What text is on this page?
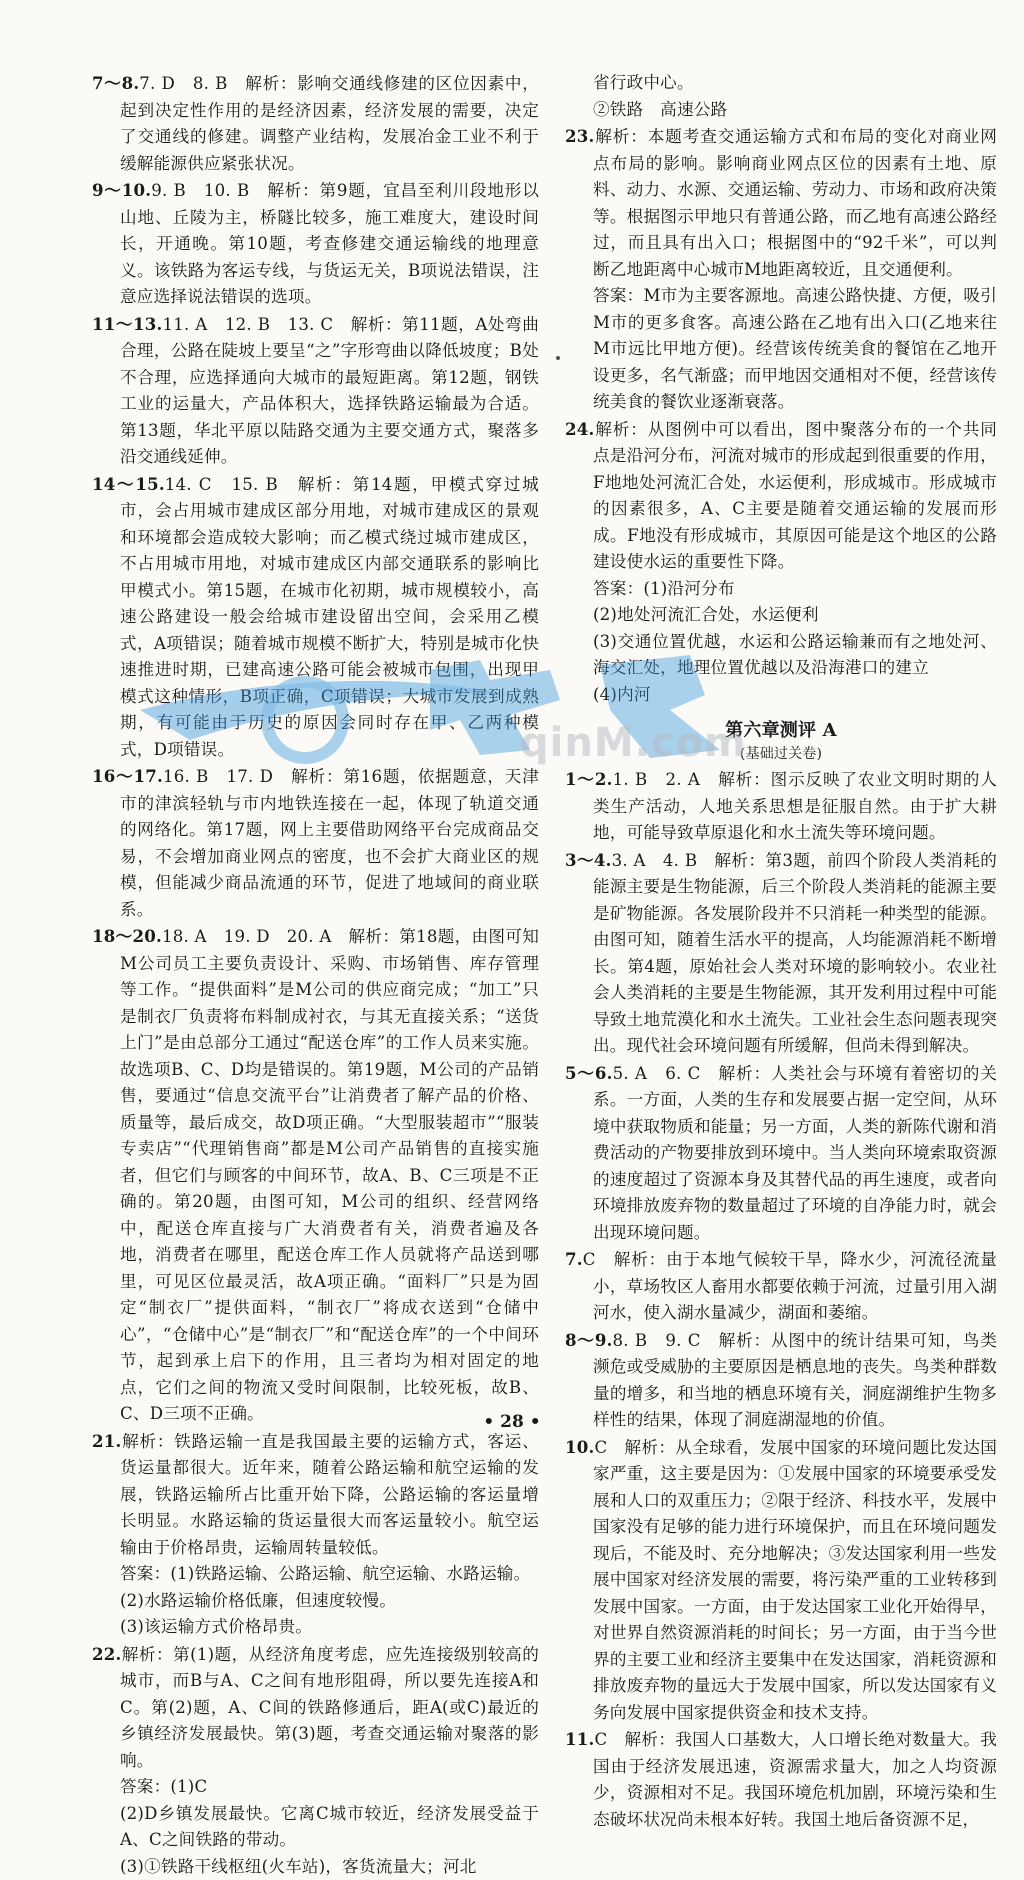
7～8.7. D　8. B　解析：影响交通线修建的区位因素中，起到决定性作用的是经济因素，经济发展的需要，决定了交通线的修建。调整产业结构，发展冶金工业不利于缓解能源供应紧张状况。

9～10.9. B　10. B　解析：第9题，宜昌至利川段地形以山地、丘陵为主，桥隧比较多，施工难度大，建设时间长，开通晚。第10题，考查修建交通运输线的地理意义。该铁路为客运专线，与货运无关，B项说法错误，注意应选择说法错误的选项。

11～13.11. A　12. B　13. C　解析：第11题，A处弯曲合理，公路在陡坡上要呈“之”字形弯曲以降低坡度；B处不合理，应选择通向大城市的最短距离。第12题，钢铁工业的运量大，产品体积大，选择铁路运输最为合适。第13题，华北平原以陆路交通为主要交通方式，聚落多沿交通线延伸。

14～15.14. C　15. B　解析：第14题，甲模式穿过城市，会占用城市建成区部分用地，对城市建成区的景观和环境都会造成较大影响；而乙模式绕过城市建成区，不占用城市用地，对城市建成区内部交通联系的影响比甲模式小。第15题，在城市化初期，城市规模较小，高速公路建设一般会给城市建设留出空间，会采用乙模式，A项错误；随着城市规模不断扩大，特别是城市化快速推进时期，已建高速公路可能会被城市包围，出现甲模式这种情形，B项正确，C项错误；大城市发展到成熟期，有可能由于历史的原因会同时存在甲、乙两种模式，D项错误。

16～17.16. B　17. D　解析：第16题，依据题意，天津市的津滨轻轨与市内地铁连接在一起，体现了轨道交通的网络化。第17题，网上主要借助网络平台完成商品交易，不会增加商业网点的密度，也不会扩大商业区的规模，但能减少商品流通的环节，促进了地域间的商业联系。

18～20.18. A　19. D　20. A　解析：第18题，由图可知M公司员工主要负责设计、采购、市场销售、库存管理等工作。“提供面料”是M公司的供应商完成；“加工”只是制衣厂负责将布料制成衬衣，与其无直接关系；“送货上门”是由总部分工通过“配送仓库”的工作人员来实施。故选项B、C、D均是错误的。第19题，M公司的产品销售，要通过“信息交流平台”让消费者了解产品的价格、质量等，最后成交，故D项正确。“大型服装超市”“服装专卖店”“代理销售商”都是M公司产品销售的直接实施者，但它们与顾客的中间环节，故A、B、C三项是不正确的。第20题，由图可知，M公司的组织、经营网络中，配送仓库直接与广大消费者有关，消费者遍及各地，消费者在哪里，配送仓库工作人员就将产品送到哪里，可见区位最灵活，故A项正确。“面料厂”只是为固定“制衣厂”提供面料，“制衣厂”将成衣送到“仓储中心”，“仓储中心”是“制衣厂”和“配送仓库”的一个中间环节，起到承上启下的作用，且三者均为相对固定的地点，它们之间的物流又受时间限制，比较死板，故B、C、D三项不正确。

21.解析：铁路运输一直是我国最主要的运输方式，客运、货运量都很大。近年来，随着公路运输和航空运输的发展，铁路运输所占比重开始下降，公路运输的客运量增长明显。水路运输的货运量很大而客运量较小。航空运输由于价格昂贵，运输周转量较低。

答案：(1)铁路运输、公路运输、航空运输、水路运输。

(2)水路运输价格低廉，但速度较慢。

(3)该运输方式价格昂贵。

22.解析：第(1)题，从经济角度考虑，应先连接级别较高的城市，而B与A、C之间有地形阻碍，所以要先连接A和C。第(2)题，A、C间的铁路修通后，距A(或C)最近的乡镇经济发展最快。第(3)题，考查交通运输对聚落的影响。

答案：(1)C

(2)D乡镇发展最快。它离C城市较近，经济发展受益于A、C之间铁路的带动。

(3)①铁路干线枢纽(火车站)，客货流量大；河北

省行政中心。

②铁路　高速公路

23.解析：本题考查交通运输方式和布局的变化对商业网点布局的影响。影响商业网点区位的因素有土地、原料、动力、水源、交通运输、劳动力、市场和政府决策等。根据图示甲地只有普通公路，而乙地有高速公路经过，而且具有出入口；根据图中的“92千米”，可以判断乙地距离中心城市M地距离较近，且交通便利。

答案：M市为主要客源地。高速公路快捷、方便，吸引M市的更多食客。高速公路在乙地有出入口(乙地来往M市远比甲地方便)。经营该传统美食的餐馆在乙地开设更多，名气渐盛；而甲地因交通相对不便，经营该传统美食的餐饮业逐渐衰落。

24.解析：从图例中可以看出，图中聚落分布的一个共同点是沿河分布，河流对城市的形成起到很重要的作用，F地地处河流汇合处，水运便利，形成城市。形成城市的因素很多，A、C主要是随着交通运输的发展而形成。F地没有形成城市，其原因可能是这个地区的公路建设使水运的重要性下降。

答案：(1)沿河分布

(2)地处河流汇合处，水运便利

(3)交通位置优越，水运和公路运输兼而有之地处河、海交汇处，地理位置优越以及沿海港口的建立

(4)内河

第六章测评 A
(基础过关卷)

1～2.1. B　2. A　解析：图示反映了农业文明时期的人类生产活动，人地关系思想是征服自然。由于扩大耕地，可能导致草原退化和水土流失等环境问题。

3～4.3. A　4. B　解析：第3题，前四个阶段人类消耗的能源主要是生物能源，后三个阶段人类消耗的能源主要是矿物能源。各发展阶段并不只消耗一种类型的能源。由图可知，随着生活水平的提高，人均能源消耗不断增长。第4题，原始社会人类对环境的影响较小。农业社会人类消耗的主要是生物能源，其开发利用过程中可能导致土地荒漠化和水土流失。工业社会生态问题表现突出。现代社会环境问题有所缓解，但尚未得到解决。

5～6.5. A　6. C　解析：人类社会与环境有着密切的关系。一方面，人类的生存和发展要占据一定空间，从环境中获取物质和能量；另一方面，人类的新陈代谢和消费活动的产物要排放到环境中。当人类向环境索取资源的速度超过了资源本身及其替代品的再生速度，或者向环境排放废弃物的数量超过了环境的自净能力时，就会出现环境问题。

7.C　解析：由于本地气候较干旱，降水少，河流径流量小，草场牧区人畜用水都要依赖于河流，过量引用入湖河水，使入湖水量减少，湖面和萎缩。

8～9.8. B　9. C　解析：从图中的统计结果可知，鸟类濒危或受威胁的主要原因是栖息地的丧失。鸟类种群数量的增多，和当地的栖息环境有关，洞庭湖维护生物多样性的结果，体现了洞庭湖湿地的价值。

10.C　解析：从全球看，发展中国家的环境问题比发达国家严重，这主要是因为：①发展中国家的环境要承受发展和人口的双重压力；②限于经济、科技水平，发展中国家没有足够的能力进行环境保护，而且在环境问题发现后，不能及时、充分地解决；③发达国家利用一些发展中国家对经济发展的需要，将污染严重的工业转移到发展中国家。一方面，由于发达国家工业化开始得早，对世界自然资源消耗的时间长；另一方面，由于当今世界的主要工业和经济主要集中在发达国家，消耗资源和排放废弃物的量远大于发展中国家，所以发达国家有义务向发展中国家提供资金和技术支持。

11.C　解析：我国人口基数大，人口增长绝对数量大。我国由于经济发展迅速，资源需求量大，加之人均资源少，资源相对不足。我国环境危机加剧，环境污染和生态破坏状况尚未根本好转。我国土地后备资源不足，

qinM.com
• 28 •
